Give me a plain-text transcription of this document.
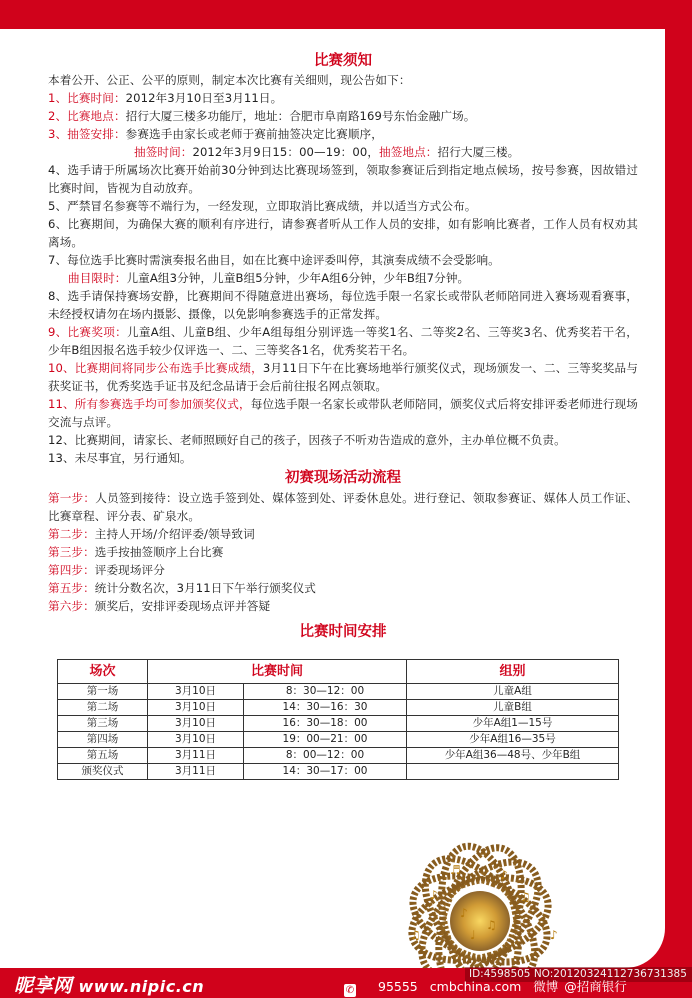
比赛须知

本着公开、公正、公平的原则，制定本次比赛有关细则，现公告如下：

1、比赛时间：2012年3月10日至3月11日。

2、比赛地点：招行大厦三楼多功能厅，地址：合肥市阜南路169号东怡金融广场。

3、抽签安排：参赛选手由家长或老师于赛前抽签决定比赛顺序，

抽签时间：2012年3月9日15：00—19：00，抽签地点：招行大厦三楼。

4、选手请于所属场次比赛开始前30分钟到达比赛现场签到，领取参赛证后到指定地点候场，按号参赛，因故错过比赛时间，皆视为自动放弃。

5、严禁冒名参赛等不端行为，一经发现，立即取消比赛成绩，并以适当方式公布。

6、比赛期间，为确保大赛的顺利有序进行，请参赛者听从工作人员的安排，如有影响比赛者，工作人员有权劝其离场。

7、每位选手比赛时需演奏报名曲目，如在比赛中途评委叫停，其演奏成绩不会受影响。

曲目限时：儿童A组3分钟，儿童B组5分钟，少年A组6分钟，少年B组7分钟。

8、选手请保持赛场安静，比赛期间不得随意进出赛场，每位选手限一名家长或带队老师陪同进入赛场观看赛事，未经授权请勿在场内摄影、摄像，以免影响参赛选手的正常发挥。

9、比赛奖项：儿童A组、儿童B组、少年A组每组分别评选一等奖1名、二等奖2名、三等奖3名、优秀奖若干名，少年B组因报名选手较少仅评选一、二、三等奖各1名，优秀奖若干名。

10、比赛期间将同步公布选手比赛成绩，3月11日下午在比赛场地举行颁奖仪式，现场颁发一、二、三等奖奖品与获奖证书，优秀奖选手证书及纪念品请于会后前往报名网点领取。

11、所有参赛选手均可参加颁奖仪式，每位选手限一名家长或带队老师陪同，颁奖仪式后将安排评委老师进行现场交流与点评。

12、比赛期间，请家长、老师照顾好自己的孩子，因孩子不听劝告造成的意外，主办单位概不负责。

13、未尽事宜，另行通知。

初赛现场活动流程

第一步：人员签到接待：设立选手签到处、媒体签到处、评委休息处。进行登记、领取参赛证、媒体人员工作证、比赛章程、评分表、矿泉水。

第二步：主持人开场/介绍评委/领导致词

第三步：选手按抽签顺序上台比赛

第四步：评委现场评分

第五步：统计分数名次，3月11日下午举行颁奖仪式

第六步：颁奖后，安排评委现场点评并答疑

比赛时间安排
场次	比赛时间		组别
第一场	3月10日	8：30—12：00	儿童A组
第二场	3月10日	14：30—16：30	儿童B组
第三场	3月10日	16：30—18：00	少年A组1—15号
第四场	3月10日	19：00—21：00	少年A组16—35号
第五场	3月11日	8：00—12：00	少年A组36—48号、少年B组
颁奖仪式	3月11日	14：30—17：00	
♪
♫
♩
♪	♫
♪
♬
♫	♪
昵享网 www.nipic.cn
ID:4598505 NO:20120324112736731385
✆ 95555 cmbchina.com 微博 @招商银行
